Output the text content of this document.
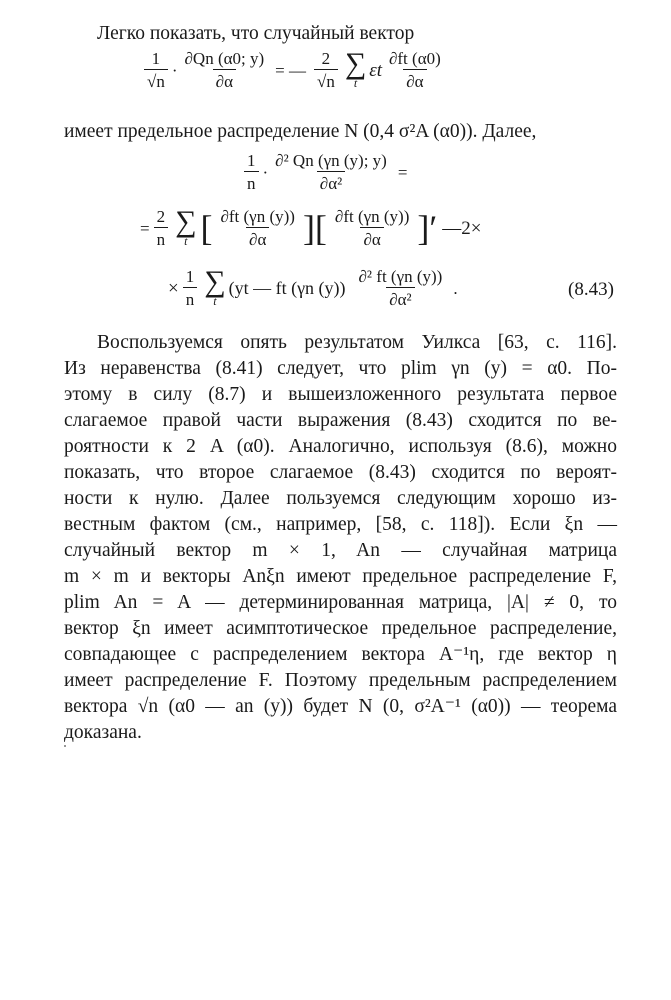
Легко показать, что случайный вектор
$\frac{1}{√n} \cdot \frac{\partial Qn (\alpha 0; y)}{\partial\alpha}$ = — $\frac{2}{√n}$ ∑
t
εt $\frac{\partial ft (\alpha 0)}{\partial\alpha}$
имеет предельное распределение N (0,4 σ²A (α0)). Далее,
$\frac{1}{n} \cdot \frac{\text{∂² Qn (γn (y); y)}}{\text{∂α²}}$ =
= $\frac{2}{n}$ ∑
t [ $\frac{\partial ft (\gamma n (y))}{\partial\alpha}$ ][ $\frac{\partial ft (\gamma n (y))}{\partial\alpha}$ ]′ —2×
× $\frac{1}{n}$ ∑
t
(yt — ft (γn $(y)) \frac{\text{∂² ft (γn (y))}}{\text{∂α²}}$ .	(8.43)
Воспользуемся опять результатом Уилкса [63, с. 116].
Из неравенства (8.41) следует, что plim γn (y) = α0. По-
этому в силу (8.7) и вышеизложенного результата первое
слагаемое правой части выражения (8.43) сходится по ве-
роятности к 2 A (α0). Аналогично, используя (8.6), можно
показать, что второе слагаемое (8.43) сходится по вероят-
ности к нулю. Далее пользуемся следующим хорошо из-
вестным фактом (см., например, [58, с. 118]). Если ξn —
случайный вектор m × 1, An — случайная матрица
m × m и векторы Anξn имеют предельное распределение F,
plim An = A — детерминированная матрица, |A| ≠ 0, то
вектор ξn имеет асимптотическое предельное распределение,
совпадающее с распределением вектора A⁻¹η, где вектор η
имеет распределение F. Поэтому предельным распределением
вектора √n (α0 — an (y)) будет N (0, σ²A⁻¹ (α0)) — теорема
доказана.
